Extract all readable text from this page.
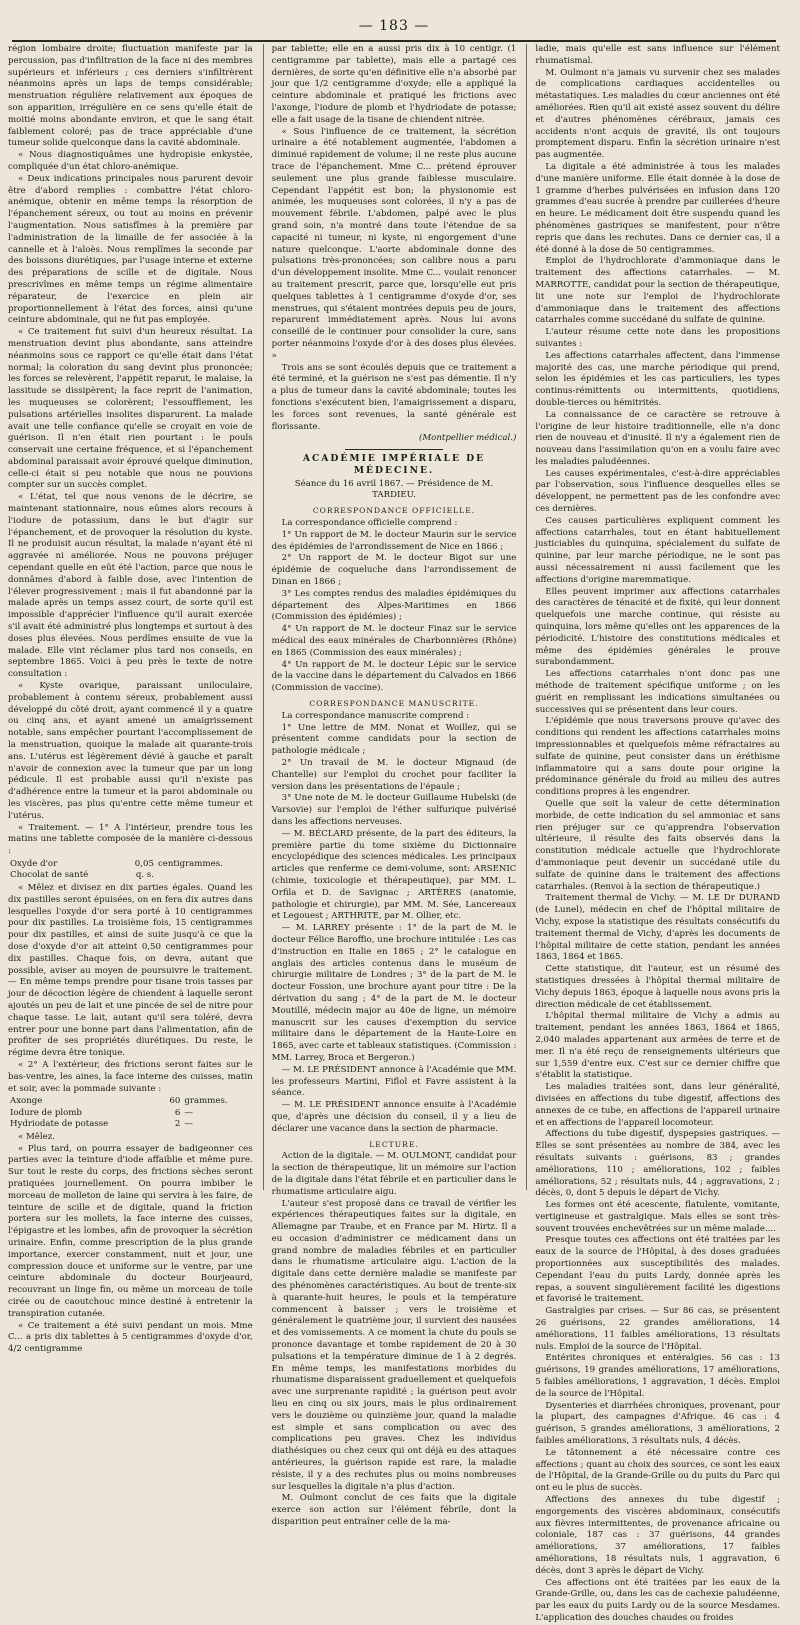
— 183 —

région lombaire droite; fluctuation manifeste par la percussion, pas d'infiltration de la face ni des membres supérieurs et inférieurs ; ces derniers s'infiltrèrent néanmoins après un laps de temps considérable; menstruation régulière relativement aux époques de son apparition, irrégulière en ce sens qu'elle était de moitié moins abondante environ, et que le sang était faiblement coloré; pas de trace appréciable d'une tumeur solide quelconque dans la cavité abdominale.

« Nous diagnostiquâmes une hydropisie enkystée, compliquée d'un état chloro-anémique.

« Deux indications principales nous parurent devoir être d'abord remplies : combattre l'état chloro-anémique, obtenir en même temps la résorption de l'épanchement séreux, ou tout au moins en prévenir l'augmentation. Nous satisfîmes à la première par l'administration de la limaille de fer associée à la cannelle et à l'aloès. Nous remplîmes la seconde par des boissons diurétiques, par l'usage interne et externe des préparations de scille et de digitale. Nous prescrivîmes en même temps un régime alimentaire réparateur, de l'exercice en plein air proportionnellement à l'état des forces, ainsi qu'une ceinture abdominale, qui ne fut pas employée.

« Ce traitement fut suivi d'un heureux résultat. La menstruation devint plus abondante, sans atteindre néanmoins sous ce rapport ce qu'elle était dans l'état normal; la coloration du sang devint plus prononcée; les forces se relevèrent, l'appétit reparut, le malaise, la lassitude se dissipèrent; la face reprit de l'animation, les muqueuses se colorèrent; l'essoufflement, les pulsations artérielles insolites disparurent. La malade avait une telle confiance qu'elle se croyait en voie de guérison. Il n'en était rien pourtant : le pouls conservait une certaine fréquence, et si l'épanchement abdominal paraissait avoir éprouvé quelque diminution, celle-ci était si peu notable que nous ne pouvions compter sur un succès complet.

« L'état, tel que nous venons de le décrire, se maintenant stationnaire, nous eûmes alors recours à l'iodure de potassium, dans le but d'agir sur l'épanchement, et de provoquer la résolution du kyste. Il ne produisit aucun résultat, la malade n'ayant été ni aggravée ni améliorée. Nous ne pouvons préjuger cependant quelle en eût été l'action, parce que nous le donnâmes d'abord à faible dose, avec l'intention de l'élever progressivement ; mais il fut abandonné par la malade après un temps assez court, de sorte qu'il est impossible d'apprécier l'influence qu'il aurait exercée s'il avait été administré plus longtemps et surtout à des doses plus élevées. Nous perdîmes ensuite de vue la malade. Elle vint réclamer plus tard nos conseils, en septembre 1865. Voici à peu près le texte de notre consultation :

« Kyste ovarique, paraissant uniloculaire, probablement à contenu séreux, probablement aussi développé du côté droit, ayant commencé il y a quatre ou cinq ans, et ayant amené un amaigrissement notable, sans empêcher pourtant l'accomplissement de la menstruation, quoique la malade ait quarante-trois ans. L'utérus est légèrement dévié à gauche et paraît n'avoir de connexion avec la tumeur que par un long pédicule. Il est probable aussi qu'il n'existe pas d'adhérence entre la tumeur et la paroi abdominale ou les viscères, pas plus qu'entre cette même tumeur et l'utérus.

« Traitement. — 1° A l'intérieur, prendre tous les matins une tablette composée de la manière ci-dessous :

Oxyde d'or	0,05	centigrammes.
Chocolat de santé	q. s.	

« Mêlez et divisez en dix parties égales. Quand les dix pastilles seront épuisées, on en fera dix autres dans lesquelles l'oxyde d'or sera porté à 10 centigrammes pour dix pastilles. La troisième fois, 15 centigrammes pour dix pastilles, et ainsi de suite jusqu'à ce que la dose d'oxyde d'or ait atteint 0,50 centigrammes pour dix pastilles. Chaque fois, on devra, autant que possible, aviser au moyen de poursuivre le traitement. — En même temps prendre pour tisane trois tasses par jour de décoction légère de chiendent à laquelle seront ajoutés un peu de lait et une pincée de sel de nitre pour chaque tasse. Le lait, autant qu'il sera toléré, devra entrer pour une bonne part dans l'alimentation, afin de profiter de ses propriétés diurétiques. Du reste, le régime devra être tonique.

« 2° A l'extérieur, des frictions seront faites sur le bas-ventre, les aines, la face interne des cuisses, matin et soir, avec la pommade suivante :

Axonge	60	grammes.
Iodure de plomb	6	—
Hydriodate de potasse	2	—

« Mêlez.

« Plus tard, on pourra essayer de badigeonner ces parties avec la teinture d'iode affaiblie et même pure. Sur tout le reste du corps, des frictions sèches seront pratiquées journellement. On pourra imbiber le morceau de molleton de laine qui servira à les faire, de teinture de scille et de digitale, quand la friction portera sur les mollets, la face interne des cuisses, l'épigastre et les lombes, afin de provoquer la sécrétion urinaire. Enfin, comme prescription de la plus grande importance, exercer constamment, nuit et jour, une compression douce et uniforme sur le ventre, par une ceinture abdominale du docteur Bourjeaurd, recouvrant un linge fin, ou même un morceau de toile cirée ou de caoutchouc mince destiné à entretenir la transpiration cutanée.

« Ce traitement a été suivi pendant un mois. Mme C... a pris dix tablettes à 5 centigrammes d'oxyde d'or, 4/2 centigramme

par tablette; elle en a aussi pris dix à 10 centigr. (1 centigramme par tablette), mais elle a partagé ces dernières, de sorte qu'en définitive elle n'a absorbé par jour que 1/2 centigramme d'oxyde; elle a appliqué la ceinture abdominale et pratiqué les frictions avec l'axonge, l'iodure de plomb et l'hydriodate de potasse; elle a fait usage de la tisane de chiendent nitrée.

« Sous l'influence de ce traitement, la sécrétion urinaire a été notablement augmentée, l'abdomen a diminué rapidement de volume; il ne reste plus aucune trace de l'épanchement. Mme C... prétend éprouver seulement une plus grande faiblesse musculaire. Cependant l'appétit est bon; la physionomie est animée, les muqueuses sont colorées, il n'y a pas de mouvement fébrile. L'abdomen, palpé avec le plus grand soin, n'a montré dans toute l'étendue de sa capacité ni tumeur, ni kyste, ni engorgement d'une nature quelconque. L'aorte abdominale donne des pulsations très-prononcées; son calibre nous a paru d'un développement insolite. Mme C... voulait renoncer au traitement prescrit, parce que, lorsqu'elle eut pris quelques tablettes à 1 centigramme d'oxyde d'or, ses menstrues, qui s'étaient montrées depuis peu de jours, reparurent immédiatement après. Nous lui avons conseillé de le continuer pour consolider la cure, sans porter néanmoins l'oxyde d'or à des doses plus élevées. »

Trois ans se sont écoulés depuis que ce traitement a été terminé, et la guérison ne s'est pas démentie. Il n'y a plus de tumeur dans la cavité abdominale; toutes les fonctions s'exécutent bien, l'amaigrissement a disparu, les forces sont revenues, la santé générale est florissante.

(Montpellier médical.)

ACADÉMIE IMPÉRIALE DE MÉDECINE.
Séance du 16 avril 1867. — Présidence de M. TARDIEU.
CORRESPONDANCE OFFICIELLE.

La correspondance officielle comprend :

1° Un rapport de M. le docteur Maurin sur le service des épidémies de l'arrondissement de Nice en 1866 ;

2° Un rapport de M. le docteur Bigot sur une épidémie de coqueluche dans l'arrondissement de Dinan en 1866 ;

3° Les comptes rendus des maladies épidémiques du département des Alpes-Maritimes en 1866 (Commission des épidémies) ;

4° Un rapport de M. le docteur Finaz sur le service médical des eaux minérales de Charbonnières (Rhône) en 1865 (Commission des eaux minérales) ;

4° Un rapport de M. le docteur Lépic sur le service de la vaccine dans le département du Calvados en 1866 (Commission de vaccine).

CORRESPONDANCE MANUSCRITE.

La correspondance manuscrite comprend :

1° Une lettre de MM. Nonat et Woillez, qui se présentent comme candidats pour la section de pathologie médicale ;

2° Un travail de M. le docteur Mignaud (de Chantelle) sur l'emploi du crochet pour faciliter la version dans les présentations de l'épaule ;

3° Une note de M. le docteur Guillaume Hubelski (de Varsovie) sur l'emploi de l'éther sulfurique pulvérisé dans les affections nerveuses.

— M. BÉCLARD présente, de la part des éditeurs, la première partie du tome sixième du Dictionnaire encyclopédique des sciences médicales. Les principaux articles que renferme ce demi-volume, sont: ARSENIC (chimie, toxicologie et thérapeutique), par MM. L. Orfila et D. de Savignac ; ARTÈRES (anatomie, pathologie et chirurgie), par MM. M. Sée, Lancereaux et Legouest ; ARTHRITE, par M. Ollier, etc.

— M. LARREY présente : 1° de la part de M. le docteur Félice Baroffio, une brochure intitulée : Les cas d'instruction en Italie en 1865 ; 2° le catalogue en anglais des articles contenus dans le muséum de chirurgie militaire de Londres ; 3° de la part de M. le docteur Fossion, une brochure ayant pour titre : De la dérivation du sang ; 4° de la part de M. le docteur Moutillé, médecin major au 40e de ligne, un mémoire manuscrit sur les causes d'exemption du service militaire dans le département de la Haute-Loire en 1865, avec carte et tableaux statistiques. (Commission : MM. Larrey, Broca et Bergeron.)

— M. LE PRÉSIDENT annonce à l'Académie que MM. les professeurs Martini, Fiflol et Favre assistent à la séance.

— M. LE PRÉSIDENT annonce ensuite à l'Académie que, d'après une décision du conseil, il y a lieu de déclarer une vacance dans la section de pharmacie.

LECTURE.

Action de la digitale. — M. OULMONT, candidat pour la section de thérapeutique, lit un mémoire sur l'action de la digitale dans l'état fébrile et en particulier dans le rhumatisme articulaire aigu.

L'auteur s'est proposé dans ce travail de vérifier les expériences thérapeutiques faites sur la digitale, en Allemagne par Traube, et en France par M. Hirtz. Il a eu occasion d'administrer ce médicament dans un grand nombre de maladies fébriles et en particulier dans le rhumatisme articulaire aigu. L'action de la digitale dans cette dernière maladie se manifeste par des phénomènes caractéristiques. Au bout de trente-six à quarante-huit heures, le pouls et la température commencent à baisser ; vers le troisième et généralement le quatrième jour, il survient des nausées et des vomissements. A ce moment la chute du pouls se prononce davantage et tombe rapidement de 20 à 30 pulsations et la température diminue de 1 à 2 degrés. En même temps, les manifestations morbides du rhumatisme disparaissent graduellement et quelquefois avec une surprenante rapidité ; la guérison peut avoir lieu en cinq ou six jours, mais le plus ordinairement vers le douzième ou quinzième jour, quand la maladie est simple et sans complication ou avec des complications peu graves. Chez les individus diathésiques ou chez ceux qui ont déjà eu des attaques antérieures, la guérison rapide est rare, la maladie résiste, il y a des rechutes plus ou moins nombreuses sur lesquelles la digitale n'a plus d'action.

M. Oulmont conclut de ces faits que la digitale exerce son action sur l'élément fébrile, dont la disparition peut entraîner celle de la ma-

ladie, mais qu'elle est sans influence sur l'élément rhumatismal.

M. Oulmont n'a jamais vu survenir chez ses malades de complications cardiaques accidentelles ou métastatiques. Les maladies du cœur anciennes ont été améliorées. Rien qu'il ait existé assez souvent du délire et d'autres phénomènes cérébraux, jamais ces accidents n'ont acquis de gravité, ils ont toujours promptement disparu. Enfin la sécrétion urinaire n'est pas augmentée.

La digitale a été administrée à tous les malades d'une manière uniforme. Elle était donnée à la dose de 1 gramme d'herbes pulvérisées en infusion dans 120 grammes d'eau sucrée à prendre par cuillerées d'heure en heure. Le médicament doit être suspendu quand les phénomènes gastriques se manifestent, pour n'être repris que dans les rechutes. Dans ce dernier cas, il a été donné à la dose de 50 centigrammes.

Emploi de l'hydrochlorate d'ammoniaque dans le traitement des affections catarrhales. — M. MARROTTE, candidat pour la section de thérapeutique, lit une note sur l'emploi de l'hydrochlorate d'ammoniaque dans le traitement des affections catarrhales comme succédané du sulfate de quinine.

L'auteur résume cette note dans les propositions suivantes :

Les affections catarrhales affectent, dans l'immense majorité des cas, une marche périodique qui prend, selon les épidémies et les cas particuliers, les types continus-rémittents ou intermittents, quotidiens, double-tierces ou hémitrités.

La connaissance de ce caractère se retrouve à l'origine de leur histoire traditionnelle, elle n'a donc rien de nouveau et d'inusité. Il n'y a également rien de nouveau dans l'assimilation qu'on en a voulu faire avec les maladies paludéennes.

Les causes expérimentales, c'est-à-dire appréciables par l'observation, sous l'influence desquelles elles se développent, ne permettent pas de les confondre avec ces dernières.

Ces causes particulières expliquent comment les affections catarrhales, tout en étant habituellement justiciables du quinquina, spécialement du sulfate de quinine, par leur marche périodique, ne le sont pas aussi nécessairement ni aussi facilement que les affections d'origine maremmatique.

Elles peuvent imprimer aux affections catarrhales des caractères de ténacité et de fixité, qui leur donnent quelquefois une marche continue, qui résiste au quinquina, lors même qu'elles ont les apparences de la périodicité. L'histoire des constitutions médicales et même des épidémies générales le prouve surabondamment.

Les affections catarrhales n'ont donc pas une méthode de traitement spécifique uniforme ; on les guérit en remplissant les indications simultanées ou successives qui se présentent dans leur cours.

L'épidémie que nous traversons prouve qu'avec des conditions qui rendent les affections catarrhales moins impressionnables et quelquefois même réfractaires au sulfate de quinine, peut consister dans un éréthisme inflammatoire qui a sans doute pour origine la prédominance générale du froid au milieu des autres conditions propres à les engendrer.

Quelle que soit la valeur de cette détermination morbide, de cette indication du sel ammoniac et sans rien préjuger sur ce qu'apprendra l'observation ultérieure, il résulte des faits observés dans la constitution médicale actuelle que l'hydrochlorate d'ammoniaque peut devenir un succédané utile du sulfate de quinine dans le traitement des affections catarrhales. (Renvoi à la section de thérapeutique.)

Traitement thermal de Vichy. — M. LE Dr DURAND (de Lunel), médecin en chef de l'hôpital militaire de Vichy, expose la statistique des résultats consécutifs du traitement thermal de Vichy, d'après les documents de l'hôpital militaire de cette station, pendant les années 1863, 1864 et 1865.

Cette statistique, dit l'auteur, est un résumé des statistiques dressées à l'hôpital thermal militaire de Vichy depuis 1863, époque à laquelle nous avons pris la direction médicale de cet établissement.

L'hôpital thermal militaire de Vichy a admis au traitement, pendant les années 1863, 1864 et 1865, 2,040 malades appartenant aux armées de terre et de mer. Il n'a été reçu de renseignements ultérieurs que sur 1,559 d'entre eux. C'est sur ce dernier chiffre que s'établit la statistique.

Les maladies traitées sont, dans leur généralité, divisées en affections du tube digestif, affections des annexes de ce tube, en affections de l'appareil urinaire et en affections de l'appareil locomoteur.

Affections du tube digestif, dyspepsies gastriques. — Elles se sont présentées au nombre de 384, avec les résultats suivants : guérisons, 83 ; grandes améliorations, 110 ; améliorations, 102 ; faibles améliorations, 52 ; résultats nuls, 44 ; aggravations, 2 ; décès, 0, dont 5 depuis le départ de Vichy.

Les formes ont été acescente, flatulente, vomitante, vertigineuse et gastralgique. Mais elles se sont très-souvent trouvées enchevêtrées sur un même malade....

Presque toutes ces affections ont été traitées par les eaux de la source de l'Hôpital, à des doses graduées proportionnées aux susceptibilités des malades. Cependant l'eau du puits Lardy, donnée après les repas, a souvent singulièrement facilité les digestions et favorisé le traitement.

Gastralgies par crises. — Sur 86 cas, se présentent 26 guérisons, 22 grandes améliorations, 14 améliorations, 11 faibles améliorations, 13 résultats nuls. Emploi de la source de l'Hôpital.

Entérites chroniques et entéralgies. 56 cas : 13 guérisons, 19 grandes améliorations, 17 améliorations, 5 faibles améliorations, 1 aggravation, 1 décès. Emploi de la source de l'Hôpital.

Dysenteries et diarrhées chroniques, provenant, pour la plupart, des campagnes d'Afrique. 46 cas : 4 guérison, 5 grandes améliorations, 3 améliorations, 2 faibles améliorations, 3 résultats nuls, 4 décès.

Le tâtonnement a été nécessaire contre ces affections ; quant au choix des sources, ce sont les eaux de l'Hôpital, de la Grande-Grille ou du puits du Parc qui ont eu le plus de succès.

Affections des annexes du tube digestif ; engorgements des viscères abdominaux, consécutifs aux fièvres intermittentes, de provenance africaine ou coloniale, 187 cas : 37 guérisons, 44 grandes améliorations, 37 améliorations, 17 faibles améliorations, 18 résultats nuls, 1 aggravation, 6 décès, dont 3 après le départ de Vichy.

Ces affections ont été traitées par les eaux de la Grande-Grille, ou, dans les cas de cachexie paludéenne, par les eaux du puits Lardy ou de la source Mesdames. L'application des douches chaudes ou froides
